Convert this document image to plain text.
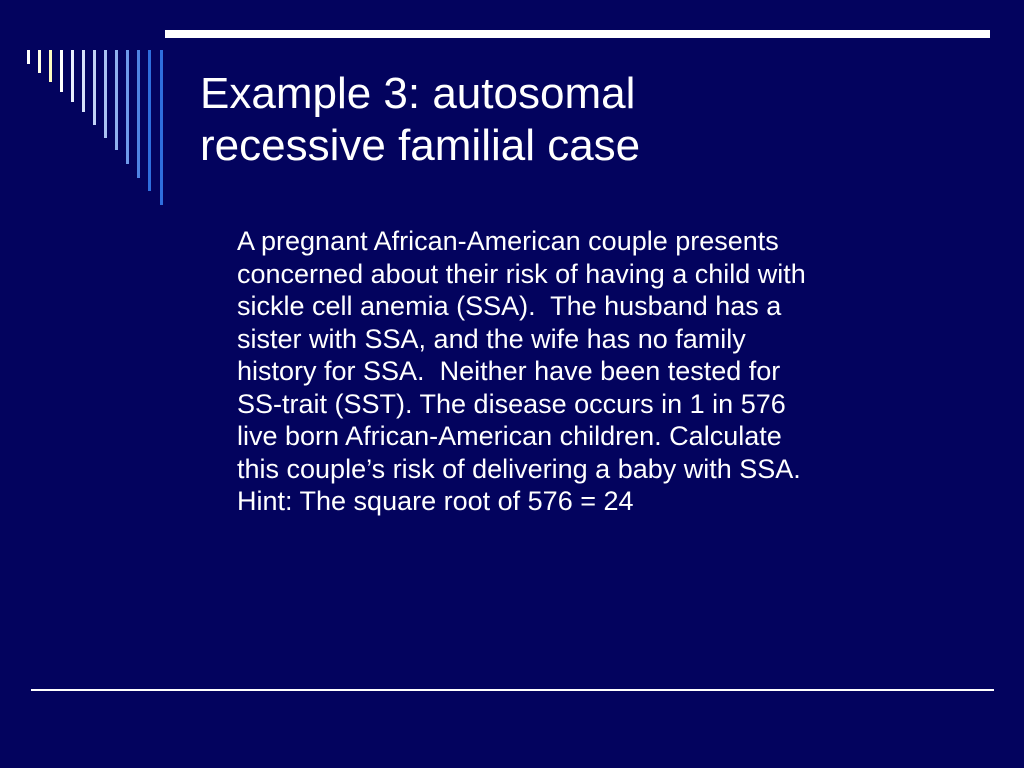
Example 3: autosomal
recessive familial case

A pregnant African-American couple presents
concerned about their risk of having a child with
sickle cell anemia (SSA).  The husband has a
sister with SSA, and the wife has no family
history for SSA.  Neither have been tested for
SS-trait (SST). The disease occurs in 1 in 576
live born African-American children. Calculate
this couple’s risk of delivering a baby with SSA.
Hint: The square root of 576 = 24
